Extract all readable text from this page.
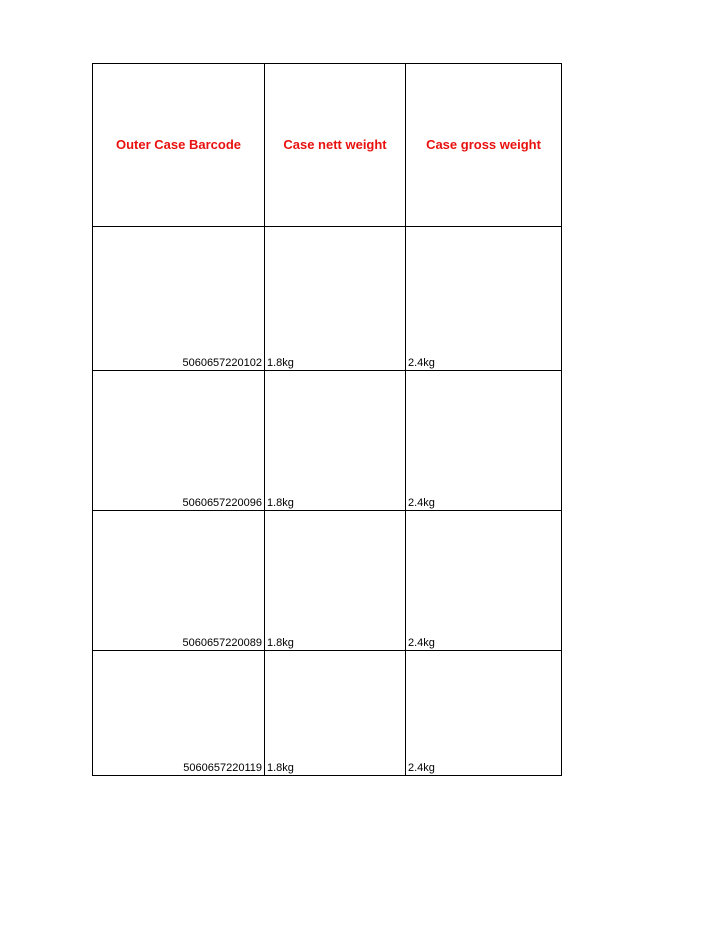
Outer Case Barcode	Case nett weight	Case gross weight
5060657220102	1.8kg	2.4kg
5060657220096	1.8kg	2.4kg
5060657220089	1.8kg	2.4kg
5060657220119	1.8kg	2.4kg
